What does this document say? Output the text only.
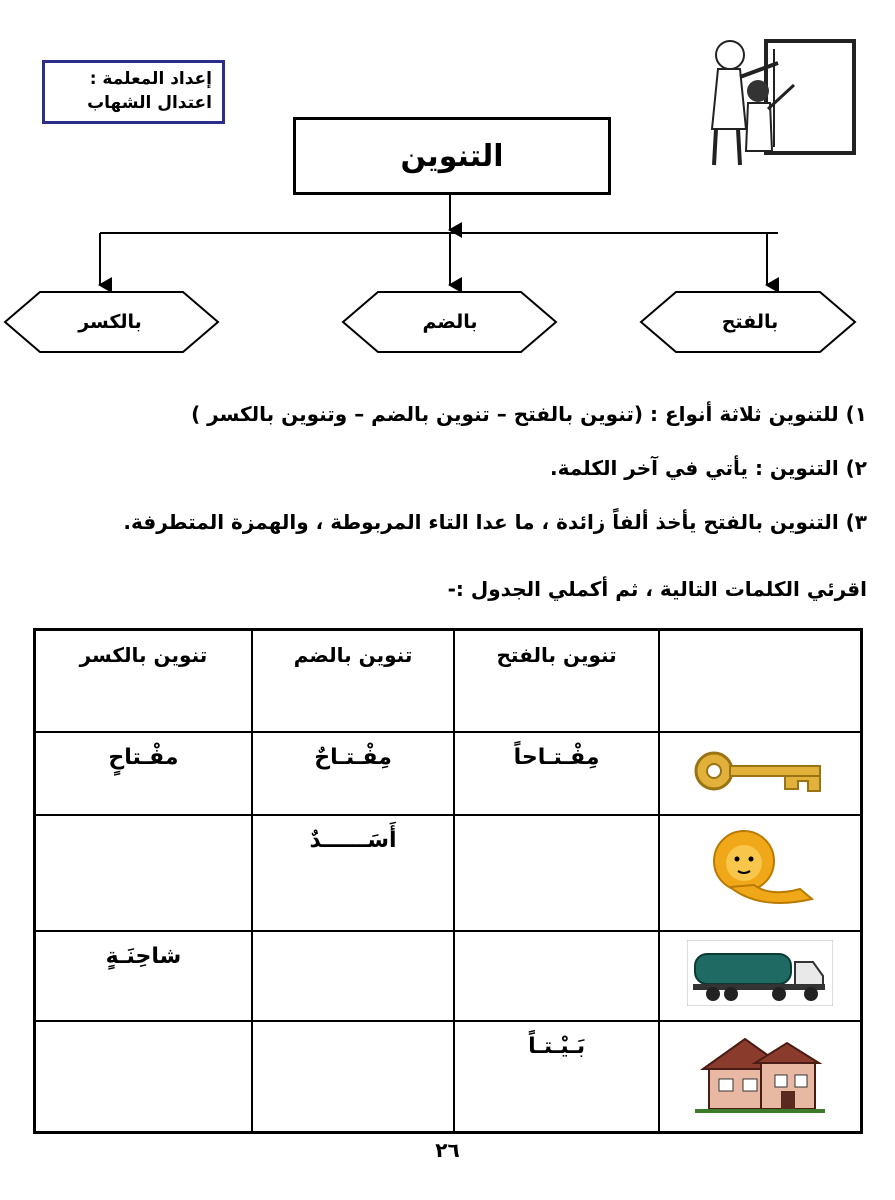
إعداد المعلمة :
اعتدال الشهاب
التنوين
بالفتح
بالضم
بالكسر
١) للتنوين ثلاثة أنواع : (تنوين بالفتح – تنوين بالضم – وتنوين بالكسر )
٢) التنوين : يأتي في آخر الكلمة.
٣) التنوين بالفتح يأخذ ألفاً زائدة ، ما عدا التاء المربوطة ، والهمزة المتطرفة.
اقرئي الكلمات التالية ، ثم أكملي الجدول :-
	تنوين بالفتح	تنوين بالضم	تنوين بالكسر
	مِفْـتـاحاً	مِفْـتـاحٌ	مفْـتاحٍ
		أَسَــــــدٌ	
			شاحِنَـةٍ
	بَـيْـتـاً		
٢٦
